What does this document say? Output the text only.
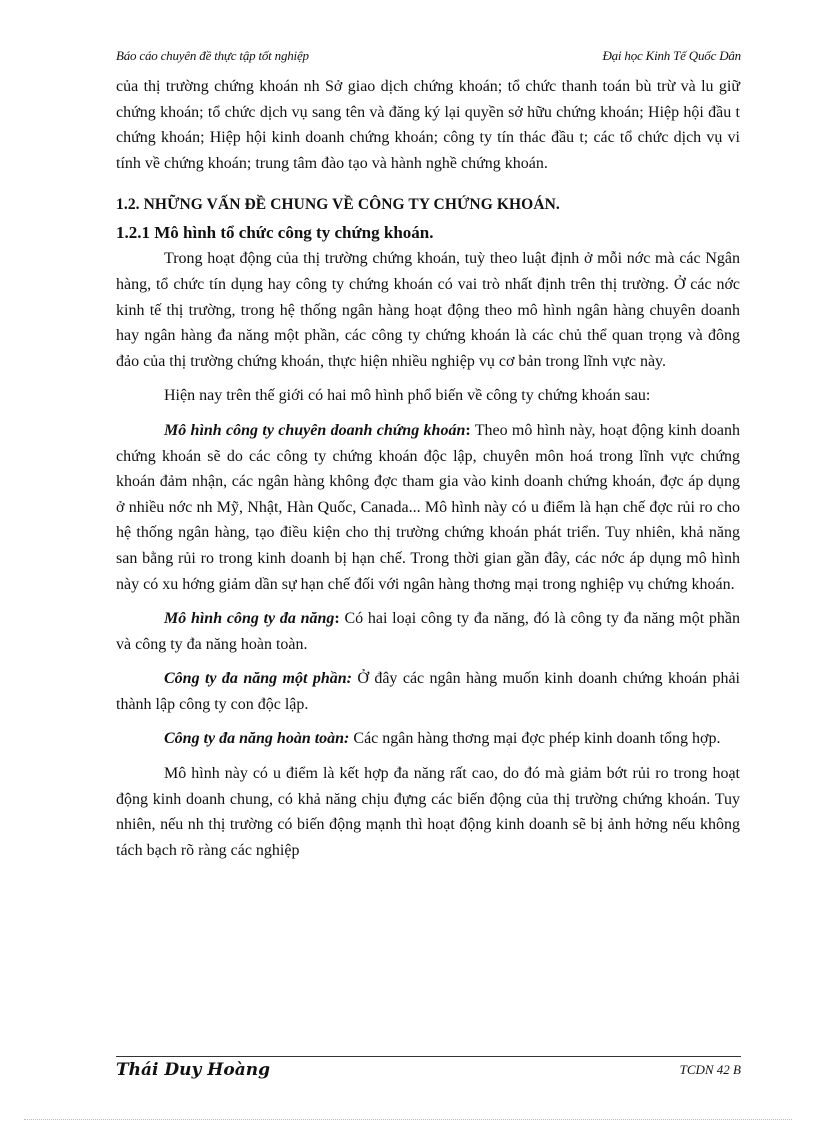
Báo cáo chuyên đề thực tập tốt nghiệp	Đại học Kinh Tế Quốc Dân

của thị trường chứng khoán nh Sở giao dịch chứng khoán; tổ chức thanh toán bù trừ và lu giữ chứng khoán; tổ chức dịch vụ sang tên và đăng ký lại quyền sở hữu chứng khoán; Hiệp hội đầu t chứng khoán; Hiệp hội kinh doanh chứng khoán; công ty tín thác đầu t; các tổ chức dịch vụ vi tính về chứng khoán; trung tâm đào tạo và hành nghề chứng khoán.

1.2. NHỮNG VẤN ĐỀ CHUNG VỀ CÔNG TY CHỨNG KHOÁN.
1.2.1 Mô hình tổ chức công ty chứng khoán.

Trong hoạt động của thị trường chứng khoán, tuỳ theo luật định ở mỗi nớc mà các Ngân hàng, tổ chức tín dụng hay công ty chứng khoán có vai trò nhất định trên thị trường. Ở các nớc kinh tế thị trường, trong hệ thống ngân hàng hoạt động theo mô hình ngân hàng chuyên doanh hay ngân hàng đa năng một phần, các công ty chứng khoán là các chủ thể quan trọng và đông đảo của thị trường chứng khoán, thực hiện nhiều nghiệp vụ cơ bản trong lĩnh vực này.

Hiện nay trên thế giới có hai mô hình phổ biến về công ty chứng khoán sau:

Mô hình công ty chuyên doanh chứng khoán: Theo mô hình này, hoạt động kinh doanh chứng khoán sẽ do các công ty chứng khoán độc lập, chuyên môn hoá trong lĩnh vực chứng khoán đảm nhận, các ngân hàng không đợc tham gia vào kinh doanh chứng khoán, đợc áp dụng ở nhiều nớc nh Mỹ, Nhật, Hàn Quốc, Canada... Mô hình này có u điểm là hạn chế đợc rủi ro cho hệ thống ngân hàng, tạo điều kiện cho thị trường chứng khoán phát triển. Tuy nhiên, khả năng san bằng rủi ro trong kinh doanh bị hạn chế. Trong thời gian gần đây, các nớc áp dụng mô hình này có xu hớng giảm dần sự hạn chế đối với ngân hàng thơng mại trong nghiệp vụ chứng khoán.

Mô hình công ty đa năng: Có hai loại công ty đa năng, đó là công ty đa năng một phần và công ty đa năng hoàn toàn.

Công ty đa năng một phần: Ở đây các ngân hàng muốn kinh doanh chứng khoán phải thành lập công ty con độc lập.

Công ty đa năng hoàn toàn: Các ngân hàng thơng mại đợc phép kinh doanh tổng hợp.

Mô hình này có u điểm là kết hợp đa năng rất cao, do đó mà giảm bớt rủi ro trong hoạt động kinh doanh chung, có khả năng chịu đựng các biến động của thị trường chứng khoán. Tuy nhiên, nếu nh thị trường có biến động mạnh thì hoạt động kinh doanh sẽ bị ảnh hởng nếu không tách bạch rõ ràng các nghiệp

Thái Duy Hoàng	TCDN 42 B
